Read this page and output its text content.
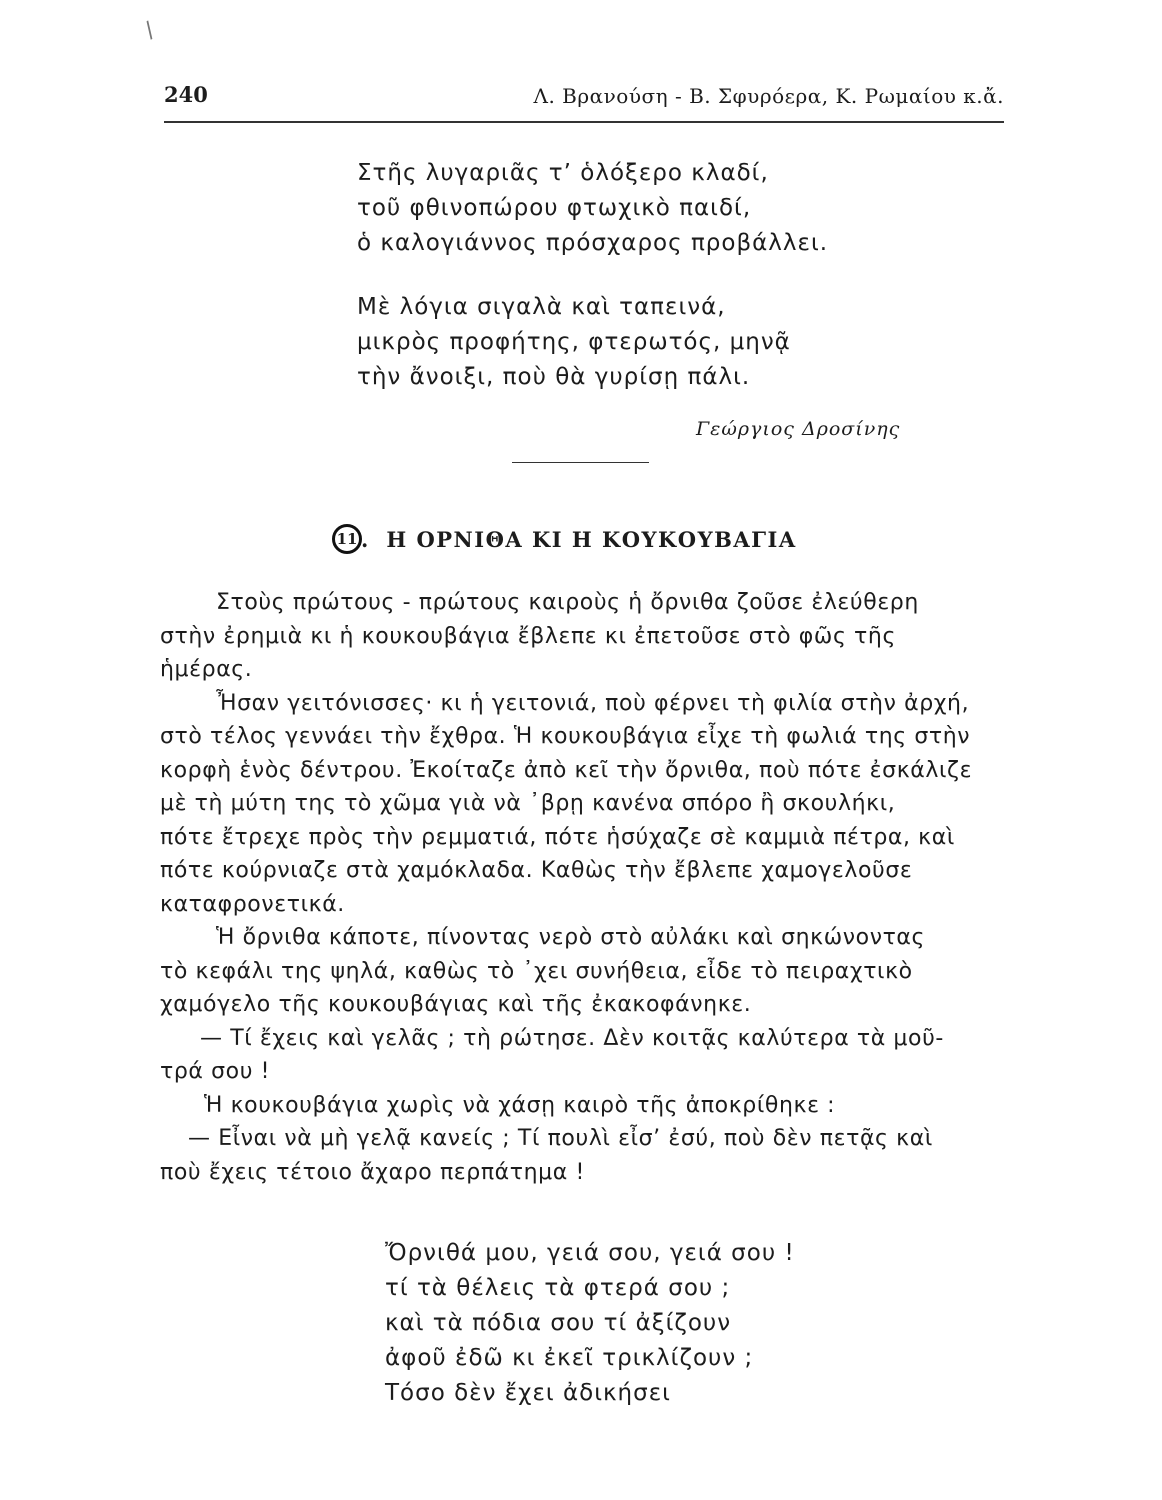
/
240	Λ. Βρανούση - Β. Σφυρόερα, Κ. Ρωμαίου κ.ἄ.
Στῆς λυγαριᾶς τ’ ὁλόξερο κλαδί,
τοῦ φθινοπώρου φτωχικὸ παιδί,
ὁ καλογιάννος πρόσχαρος προβάλλει.
Μὲ λόγια σιγαλὰ καὶ ταπεινά,
μικρὸς προφήτης, φτερωτός, μηνᾷ
τὴν ἄνοιξι, ποὺ θὰ γυρίσῃ πάλι.
Γεώργιος Δροσίνης
11 . Η ΟΡΝΙΘΑ ΚΙ Η ΚΟΥΚΟΥΒΑΓΙΑ
Στοὺς πρώτους - πρώτους καιροὺς ἡ ὄρνιθα ζοῦσε ἐλεύθερη
στὴν ἐρημιὰ κι ἡ κουκουβάγια ἔβλεπε κι ἐπετοῦσε στὸ φῶς τῆς
ἡμέρας.
Ἦσαν γειτόνισσες· κι ἡ γειτονιά, ποὺ φέρνει τὴ φιλία στὴν ἀρχή,
στὸ τέλος γεννάει τὴν ἔχθρα. Ἡ κουκουβάγια εἶχε τὴ φωλιά της στὴν
κορφὴ ἑνὸς δέντρου. Ἐκοίταζε ἀπὸ κεῖ τὴν ὄρνιθα, ποὺ πότε ἐσκάλιζε
μὲ τὴ μύτη της τὸ χῶμα γιὰ νὰ ᾽βρῃ κανένα σπόρο ἢ σκουλήκι,
πότε ἔτρεχε πρὸς τὴν ρεμματιά, πότε ἡσύχαζε σὲ καμμιὰ πέτρα, καὶ
πότε κούρνιαζε στὰ χαμόκλαδα. Καθὼς τὴν ἔβλεπε χαμογελοῦσε
καταφρονετικά.
Ἡ ὄρνιθα κάποτε, πίνοντας νερὸ στὸ αὐλάκι καὶ σηκώνοντας
τὸ κεφάλι της ψηλά, καθὼς τὸ ᾽χει συνήθεια, εἶδε τὸ πειραχτικὸ
χαμόγελο τῆς κουκουβάγιας καὶ τῆς ἐκακοφάνηκε.
— Τί ἔχεις καὶ γελᾶς ; τὴ ρώτησε. Δὲν κοιτᾷς καλύτερα τὰ μοῦ-
τρά σου !
Ἡ κουκουβάγια χωρὶς νὰ χάσῃ καιρὸ τῆς ἀποκρίθηκε :
— Εἶναι νὰ μὴ γελᾷ κανείς ; Τί πουλὶ εἶσ’ ἐσύ, ποὺ δὲν πετᾷς καὶ
ποὺ ἔχεις τέτοιο ἄχαρο περπάτημα !
Ὄρνιθά μου, γειά σου, γειά σου !
τί τὰ θέλεις τὰ φτερά σου ;
καὶ τὰ πόδια σου τί ἀξίζουν
ἀφοῦ ἐδῶ κι ἐκεῖ τρικλίζουν ;
Τόσο δὲν ἔχει ἀδικήσει
